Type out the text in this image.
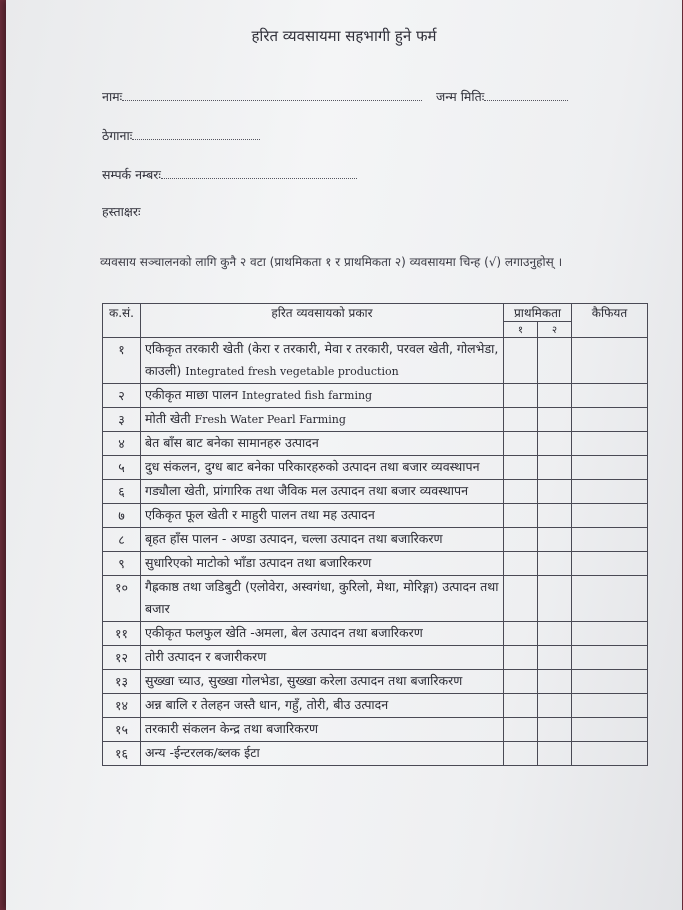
हरित व्यवसायमा सहभागी हुने फर्म
नामः	जन्म मितिः
ठेगानाः
सम्पर्क नम्बरः
हस्ताक्षरः
व्यवसाय सञ्चालनको लागि कुनै २ वटा (प्राथमिकता १ र प्राथमिकता २) व्यवसायमा चिन्ह (√) लगाउनुहोस् ।
क.सं.	हरित व्यवसायको प्रकार	प्राथमिकता		कैफियत
		१	२	
१	एकिकृत तरकारी खेती (केरा र तरकारी, मेवा र तरकारी, परवल खेती, गोलभेडा, काउली) Integrated fresh vegetable production			
२	एकीकृत माछा पालन Integrated fish farming			
३	मोती खेती Fresh Water Pearl Farming			
४	बेत बाँस बाट बनेका सामानहरु उत्पादन			
५	दुध संकलन, दुग्ध बाट बनेका परिकारहरुको उत्पादन तथा बजार व्यवस्थापन			
६	गड्यौला खेती, प्रांगारिक तथा जैविक मल उत्पादन तथा बजार व्यवस्थापन			
७	एकिकृत फूल खेती र माहुरी पालन तथा मह उत्पादन			
८	बृहत हाँस पालन - अण्डा उत्पादन, चल्ला उत्पादन तथा बजारिकरण			
९	सुधारिएको माटोको भाँडा उत्पादन तथा बजारिकरण			
१०	गैह्रकाष्ठ तथा जडिबुटी (एलोवेरा, अस्वगंधा, कुरिलो, मेथा, मोरिङ्गा) उत्पादन तथा बजार			
११	एकीकृत फलफुल खेति -अमला, बेल उत्पादन तथा बजारिकरण			
१२	तोरी उत्पादन र बजारीकरण			
१३	सुख्खा च्याउ, सुख्खा गोलभेडा, सुख्खा करेला उत्पादन तथा बजारिकरण			
१४	अन्न बालि र तेलहन जस्तै धान, गहुँ, तोरी, बीउ उत्पादन			
१५	तरकारी संकलन केन्द्र तथा बजारिकरण			
१६	अन्य -ईन्टरलक/ब्लक ईटा			
